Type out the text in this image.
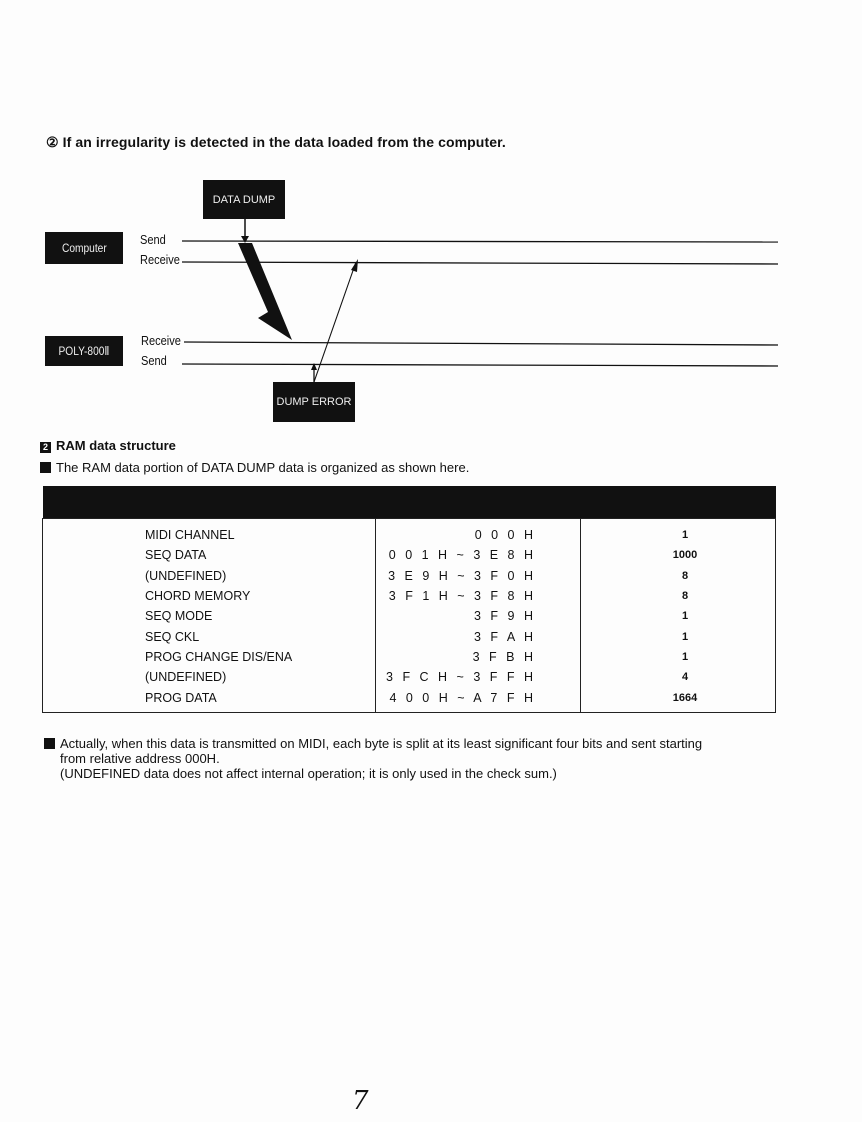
② If an irregularity is detected in the data loaded from the computer.
Computer
POLY-800Ⅱ
DATA DUMP
DUMP ERROR
Send
Receive
Receive
Send
2 RAM data structure
The RAM data portion of DATA DUMP data is organized as shown here.

MIDI CHANNEL	0 0 0 H	1
SEQ DATA	0 0 1 H ~ 3 E 8 H	1000
(UNDEFINED)	3 E 9 H ~ 3 F 0 H	8
CHORD MEMORY	3 F 1 H ~ 3 F 8 H	8
SEQ MODE	3 F 9 H	1
SEQ CKL	3 F A H	1
PROG CHANGE DIS/ENA	3 F B H	1
(UNDEFINED)	3 F C H ~ 3 F F H	4
PROG DATA	4 0 0 H ~ A 7 F H	1664
Actually, when this data is transmitted on MIDI, each byte is split at its least significant four bits and sent starting
from relative address 000H.
(UNDEFINED data does not affect internal operation; it is only used in the check sum.)
7
